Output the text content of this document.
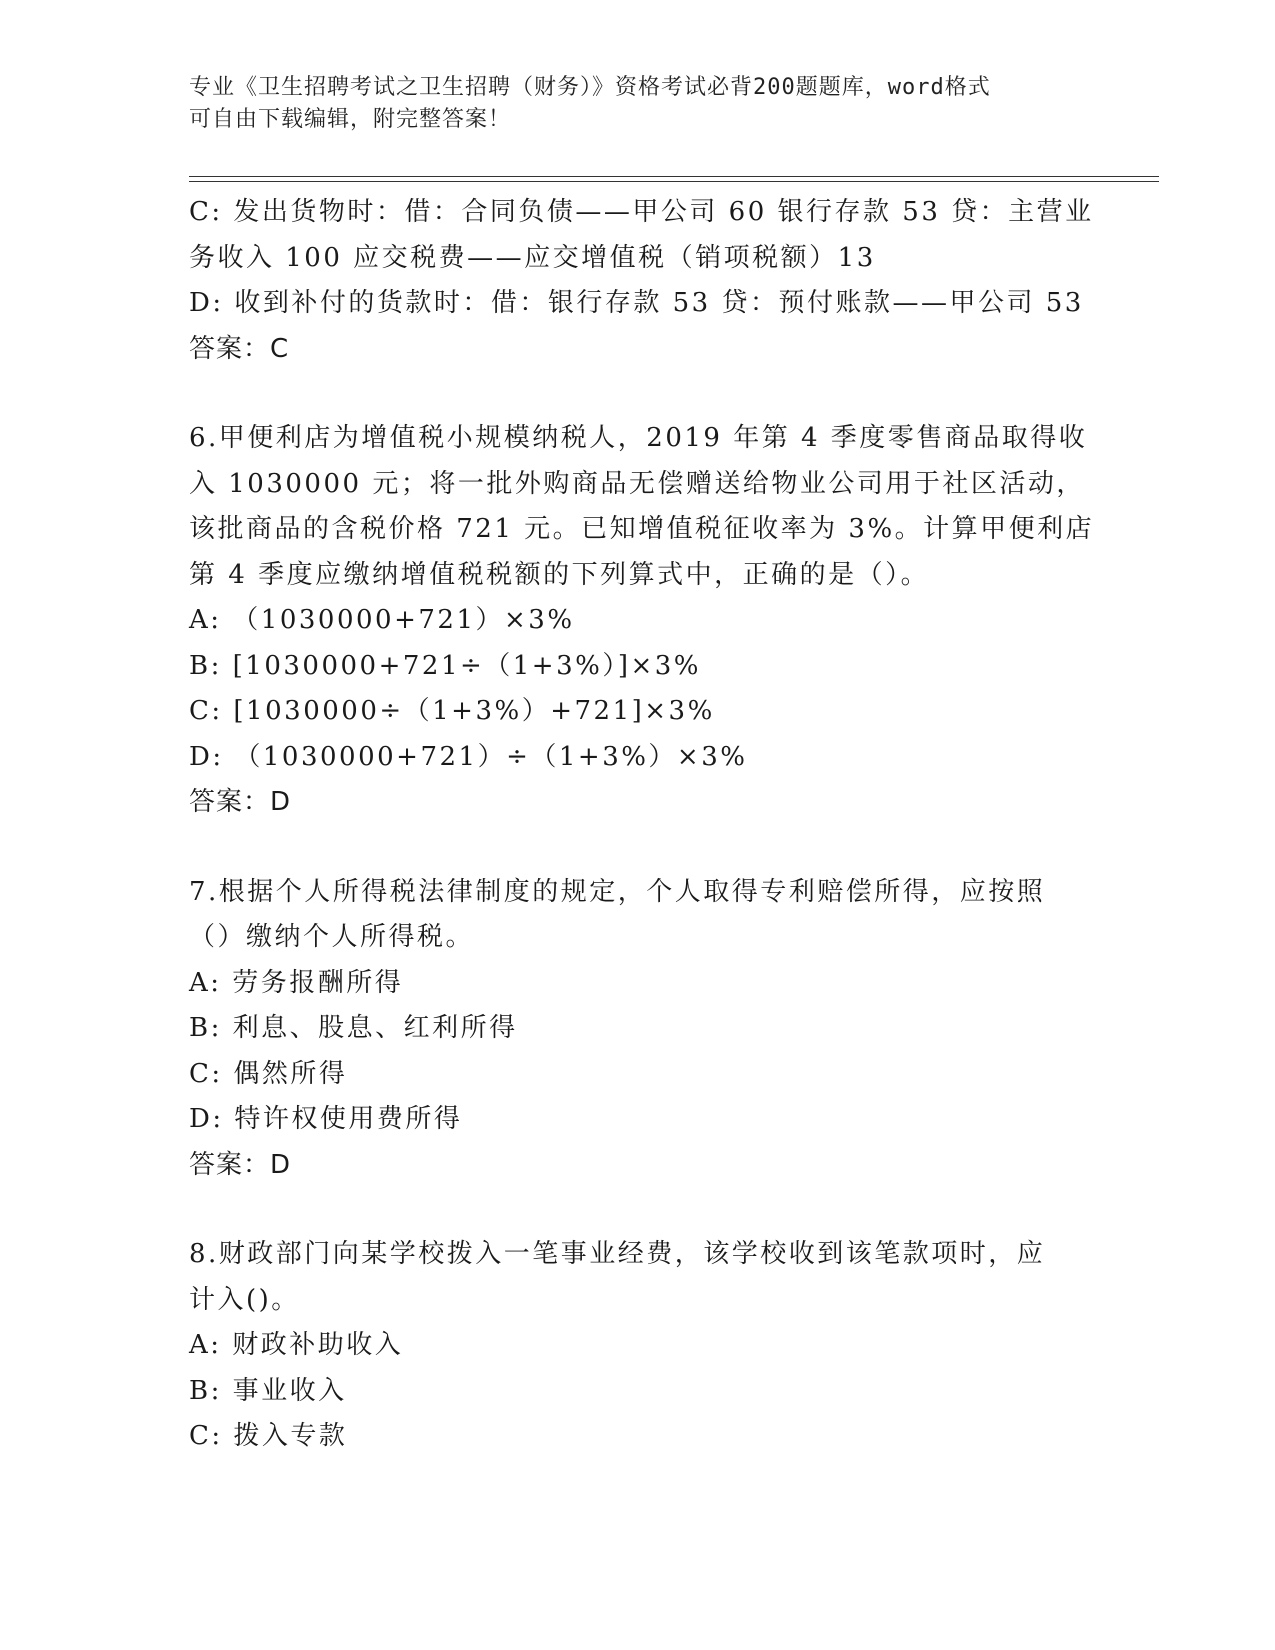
专业《卫生招聘考试之卫生招聘（财务）》资格考试必背200题题库，word格式
可自由下载编辑，附完整答案！
C: 发出货物时：借：合同负债——甲公司 60 银行存款 53 贷：主营业
务收入 100 应交税费——应交增值税（销项税额）13
D: 收到补付的货款时：借：银行存款 53 贷：预付账款——甲公司 53
答案：C
6.甲便利店为增值税小规模纳税人，2019 年第 4 季度零售商品取得收
入 1030000 元；将一批外购商品无偿赠送给物业公司用于社区活动，
该批商品的含税价格 721 元。已知增值税征收率为 3%。计算甲便利店
第 4 季度应缴纳增值税税额的下列算式中，正确的是（）。
A: （1030000+721）×3%
B: [1030000+721÷（1+3%）]×3%
C: [1030000÷（1+3%）+721]×3%
D: （1030000+721）÷（1+3%）×3%
答案：D
7.根据个人所得税法律制度的规定，个人取得专利赔偿所得，应按照
（）缴纳个人所得税。
A: 劳务报酬所得
B: 利息、股息、红利所得
C: 偶然所得
D: 特许权使用费所得
答案：D
8.财政部门向某学校拨入一笔事业经费，该学校收到该笔款项时，应
计入()。
A: 财政补助收入
B: 事业收入
C: 拨入专款
